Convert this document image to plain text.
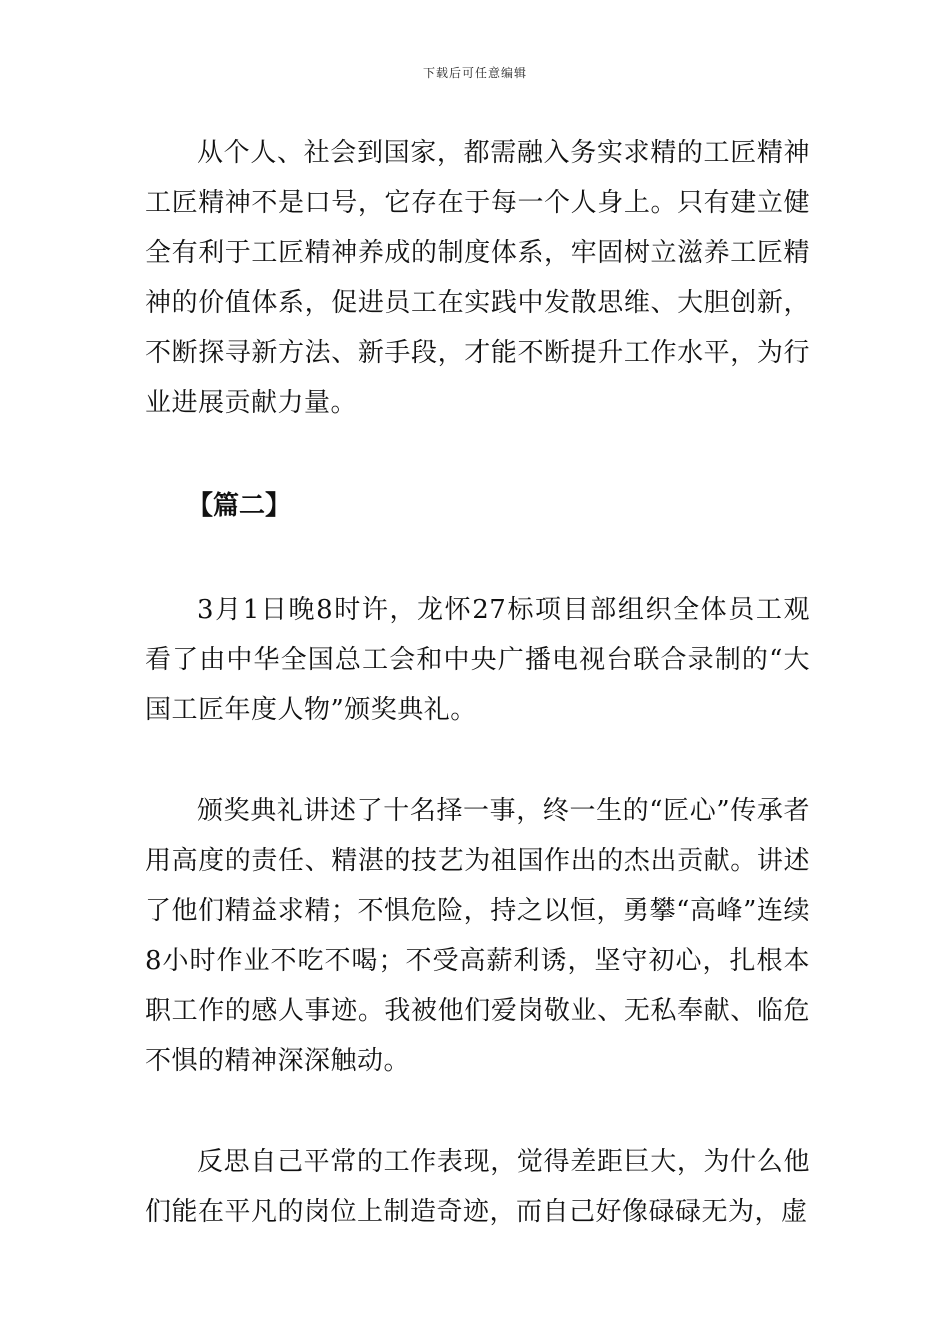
下载后可任意编辑

从个人、社会到国家，都需融入务实求精的工匠精神工匠精神不是口号，它存在于每一个人身上。只有建立健全有利于工匠精神养成的制度体系，牢固树立滋养工匠精神的价值体系，促进员工在实践中发散思维、大胆创新，不断探寻新方法、新手段，才能不断提升工作水平，为行业进展贡献力量。

【篇二】

3月1日晚8时许，龙怀27标项目部组织全体员工观看了由中华全国总工会和中央广播电视台联合录制的“大国工匠年度人物”颁奖典礼。

颁奖典礼讲述了十名择一事，终一生的“匠心”传承者用高度的责任、精湛的技艺为祖国作出的杰出贡献。讲述了他们精益求精；不惧危险，持之以恒，勇攀“高峰”连续8小时作业不吃不喝；不受高薪利诱，坚守初心，扎根本职工作的感人事迹。我被他们爱岗敬业、无私奉献、临危不惧的精神深深触动。

反思自己平常的工作表现，觉得差距巨大，为什么他们能在平凡的岗位上制造奇迹，而自己好像碌碌无为，虚
